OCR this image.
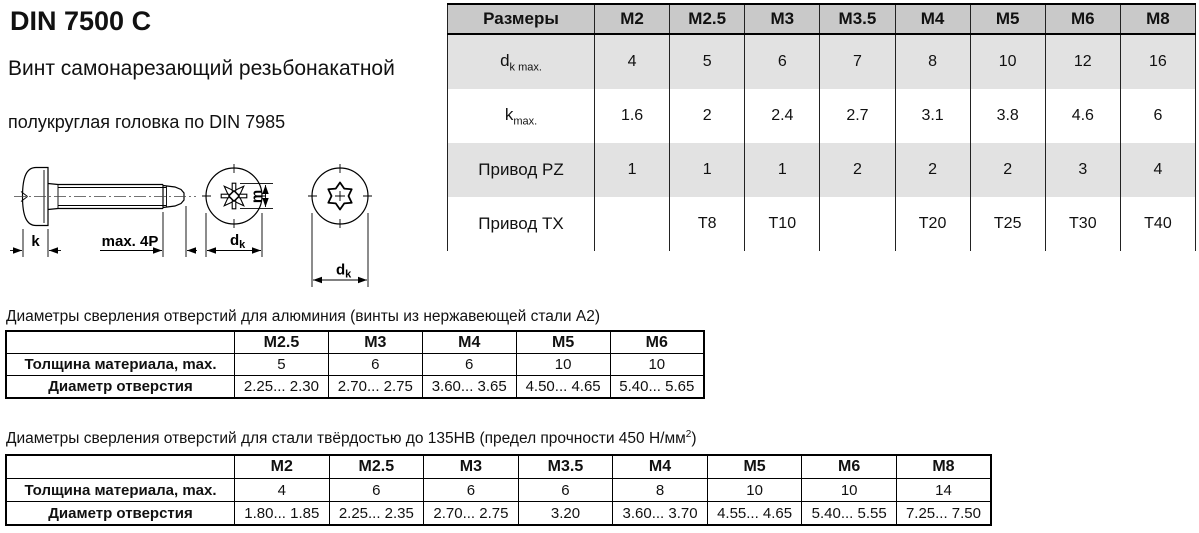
DIN 7500 C
Винт самонарезающий резьбонакатной
полукруглая головка по DIN 7985
k	max. 4P
m
$d_k$
$d_k$
Размеры	M2	M2.5	M3	M3.5	M4	M5	M6	M8
$d_{k max.}$	4	5	6	7	8	10	12	16
$k_{max.}$	1.6	2	2.4	2.7	3.1	3.8	4.6	6
Привод PZ	1	1	1	2	2	2	3	4
Привод TX		T8	T10		T20	T25	T30	T40
Диаметры сверления отверстий для алюминия (винты из нержавеющей стали А2)
	M2.5	M3	M4	M5	M6
Толщина материала, max.	5	6	6	10	10
Диаметр отверстия	2.25... 2.30	2.70... 2.75	3.60... 3.65	4.50... 4.65	5.40... 5.65
Диаметры сверления отверстий для стали твёрдостью до 135HB (предел прочности 450 $Н/мм^2$)
	M2	M2.5	M3	M3.5	M4	M5	M6	M8
Толщина материала, max.	4	6	6	6	8	10	10	14
Диаметр отверстия	1.80... 1.85	2.25... 2.35	2.70... 2.75	3.20	3.60... 3.70	4.55... 4.65	5.40... 5.55	7.25... 7.50
